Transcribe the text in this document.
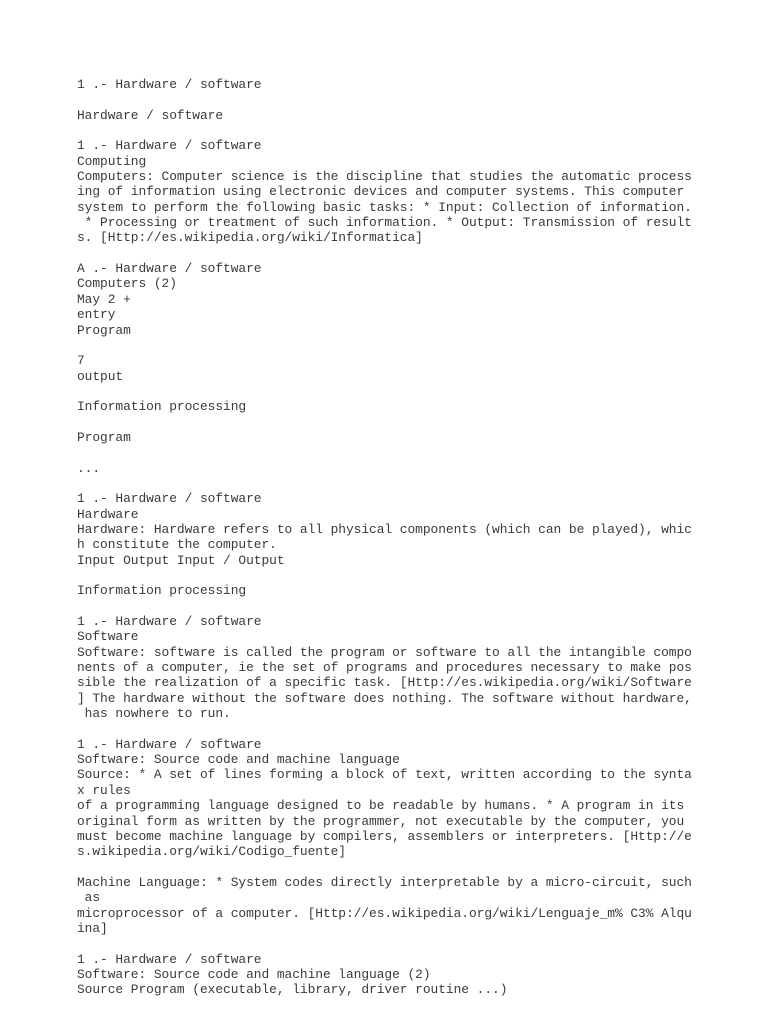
1 .- Hardware / software
Hardware / software
1 .- Hardware / software
Computing
Computers: Computer science is the discipline that studies the automatic process
ing of information using electronic devices and computer systems. This computer
system to perform the following basic tasks: * Input: Collection of information.
* Processing or treatment of such information. * Output: Transmission of result
s. [Http://es.wikipedia.org/wiki/Informatica]
A .- Hardware / software
Computers (2)
May 2 +
entry
Program
7
output
Information processing
Program
...
1 .- Hardware / software
Hardware
Hardware: Hardware refers to all physical components (which can be played), whic
h constitute the computer.
Input Output Input / Output
Information processing
1 .- Hardware / software
Software
Software: software is called the program or software to all the intangible compo
nents of a computer, ie the set of programs and procedures necessary to make pos
sible the realization of a specific task. [Http://es.wikipedia.org/wiki/Software
] The hardware without the software does nothing. The software without hardware,
has nowhere to run.
1 .- Hardware / software
Software: Source code and machine language
Source: * A set of lines forming a block of text, written according to the synta
x rules
of a programming language designed to be readable by humans. * A program in its
original form as written by the programmer, not executable by the computer, you
must become machine language by compilers, assemblers or interpreters. [Http://e
s.wikipedia.org/wiki/Codigo_fuente]
Machine Language: * System codes directly interpretable by a micro-circuit, such
as
microprocessor of a computer. [Http://es.wikipedia.org/wiki/Lenguaje_m% C3% Alqu
ina]
1 .- Hardware / software
Software: Source code and machine language (2)
Source Program (executable, library, driver routine ...)
